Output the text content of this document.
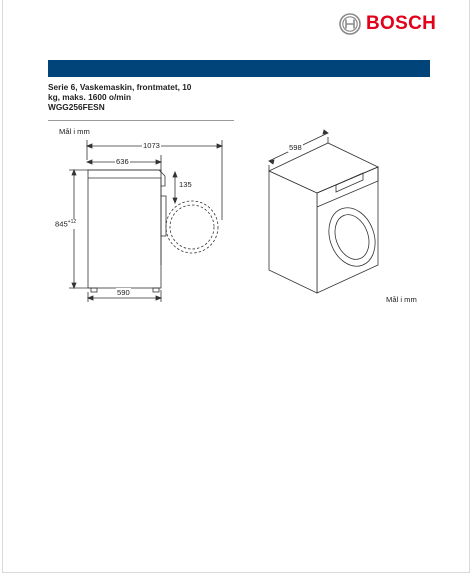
BOSCH
Serie 6, Vaskemaskin, frontmatet, 10
kg, maks. 1600 o/min
WGG256FESN
Mål i mm
1073
636
135
$845^{+12}$
590
598
Mål i mm
